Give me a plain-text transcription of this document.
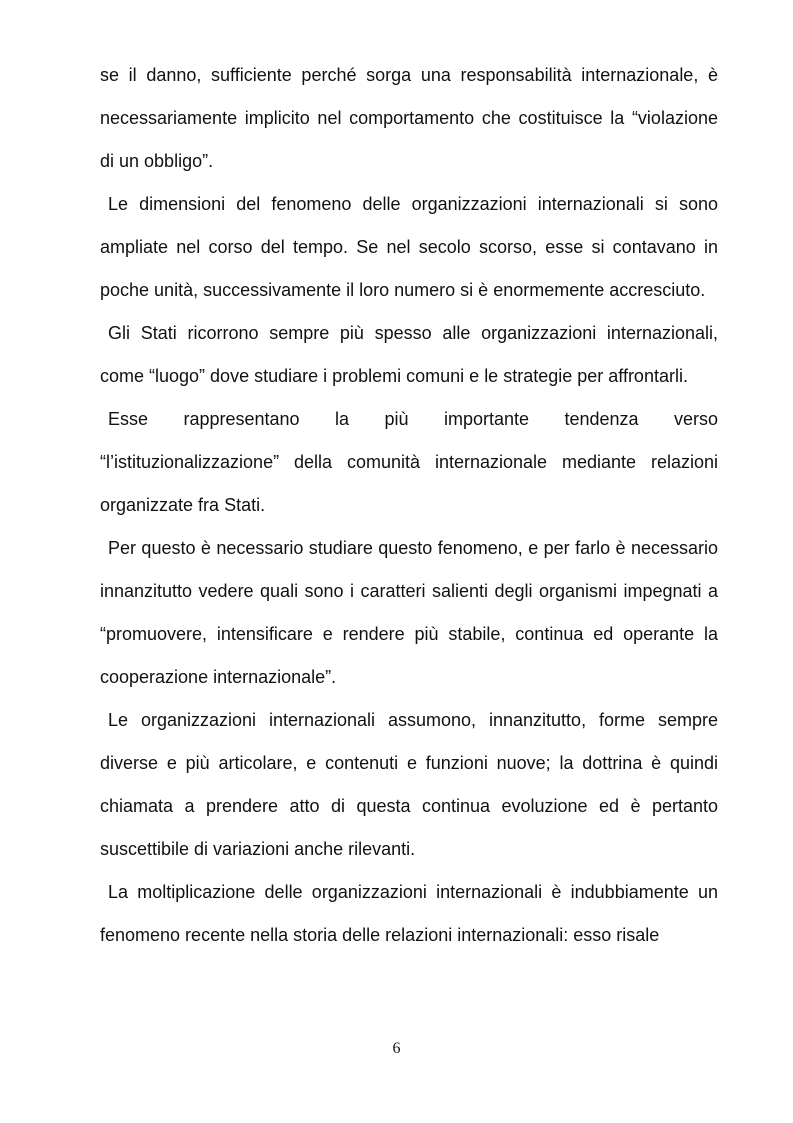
se il danno, sufficiente perché sorga una responsabilità internazionale, è necessariamente implicito nel comportamento che costituisce la “violazione di un obbligo”.

Le dimensioni del fenomeno delle organizzazioni internazionali si sono ampliate nel corso del tempo. Se nel secolo scorso, esse si contavano in poche unità, successivamente il loro numero si è enormemente accresciuto.

Gli Stati ricorrono sempre più spesso alle organizzazioni internazionali, come “luogo” dove studiare i problemi comuni e le strategie per affrontarli.

Esse rappresentano la più importante tendenza verso “l’istituzionalizzazione” della comunità internazionale mediante relazioni organizzate fra Stati.

Per questo è necessario studiare questo fenomeno, e per farlo è necessario innanzitutto vedere quali sono i caratteri salienti degli organismi impegnati a “promuovere, intensificare e rendere più stabile, continua ed operante la cooperazione internazionale”.

Le organizzazioni internazionali assumono, innanzitutto, forme sempre diverse e più articolare, e contenuti e funzioni nuove; la dottrina è quindi chiamata a prendere atto di questa continua evoluzione ed è pertanto suscettibile di variazioni anche rilevanti.

La moltiplicazione delle organizzazioni internazionali è indubbiamente un fenomeno recente nella storia delle relazioni internazionali: esso risale

6
